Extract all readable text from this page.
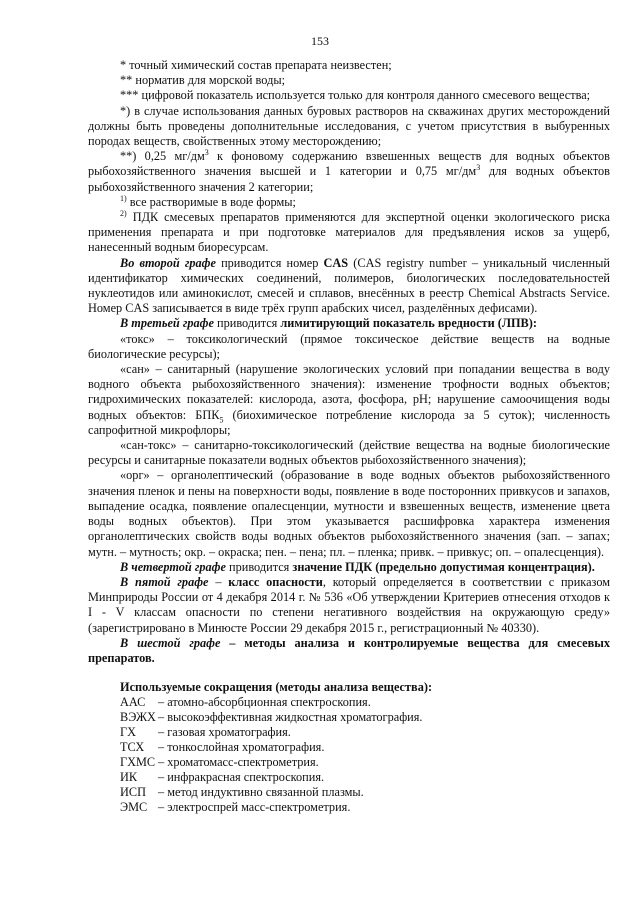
153

* точный химический состав препарата неизвестен;

** норматив для морской воды;

*** цифровой показатель используется только для контроля данного смесевого вещества;

*) в случае использования данных буровых растворов на скважинах других месторождений должны быть проведены дополнительные исследования, с учетом присутствия в выбуренных породах веществ, свойственных этому месторождению;

**) 0,25 $мг/дм^3$ к фоновому содержанию взвешенных веществ для водных объектов рыбохозяйственного значения высшей и 1 категории и 0,75 $мг/дм^3$ для водных объектов рыбохозяйственного значения 2 категории;

$^{1)}$ все растворимые в воде формы;

$^{2)}$ ПДК смесевых препаратов применяются для экспертной оценки экологического риска применения препарата и при подготовке материалов для предъявления исков за ущерб, нанесенный водным биоресурсам.

Во второй графе приводится номер CAS (CAS registry number – уникальный численный идентификатор химических соединений, полимеров, биологических последовательностей нуклеотидов или аминокислот, смесей и сплавов, внесённых в реестр Chemical Abstracts Service. Номер CAS записывается в виде трёх групп арабских чисел, разделённых дефисами).

В третьей графе приводится лимитирующий показатель вредности (ЛПВ):

«токс» – токсикологический (прямое токсическое действие веществ на водные биологические ресурсы);

«сан» – санитарный (нарушение экологических условий при попадании вещества в воду водного объекта рыбохозяйственного значения): изменение трофности водных объектов; гидрохимических показателей: кислорода, азота, фосфора, pH; нарушение самоочищения воды водных объектов: $БПК_5$ (биохимическое потребление кислорода за 5 суток); численность сапрофитной микрофлоры;

«сан-токс» – санитарно-токсикологический (действие вещества на водные биологические ресурсы и санитарные показатели водных объектов рыбохозяйственного значения);

«орг» – органолептический (образование в воде водных объектов рыбохозяйственного значения пленок и пены на поверхности воды, появление в воде посторонних привкусов и запахов, выпадение осадка, появление опалесценции, мутности и взвешенных веществ, изменение цвета воды водных объектов). При этом указывается расшифровка характера изменения органолептических свойств воды водных объектов рыбохозяйственного значения (зап. – запах; мутн. – мутность; окр. – окраска; пен. – пена; пл. – пленка; привк. – привкус; оп. – опалесценция).

В четвертой графе приводится значение ПДК (предельно допустимая концентрация).

В пятой графе – класс опасности, который определяется в соответствии с приказом Минприроды России от 4 декабря 2014 г. № 536 «Об утверждении Критериев отнесения отходов к I - V классам опасности по степени негативного воздействия на окружающую среду» (зарегистрировано в Минюсте России 29 декабря 2015 г., регистрационный № 40330).

В шестой графе – методы анализа и контролируемые вещества для смесевых препаратов.

Используемые сокращения (методы анализа вещества):

ААС	– атомно-абсорбционная спектроскопия.
ВЭЖХ – высокоэффективная жидкостная хроматография.
ГХ	– газовая хроматография.
ТСХ	– тонкослойная хроматография.
ГХМС – хроматомасс-спектрометрия.
ИК	– инфракрасная спектроскопия.
ИСП – метод индуктивно связанной плазмы.
ЭМС – электроспрей масс-спектрометрия.
